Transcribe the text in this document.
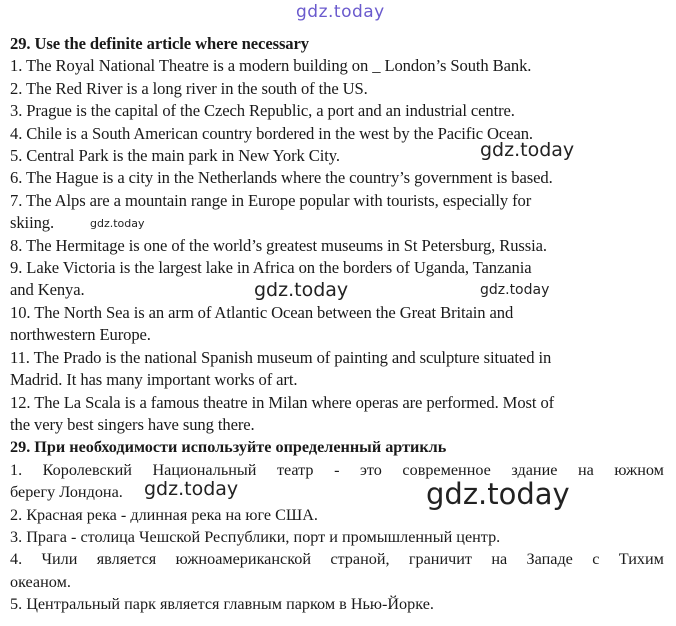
gdz.today
29. Use the definite article where necessary
1. The Royal National Theatre is a modern building on _ London’s South Bank.
2. The Red River is a long river in the south of the US.
3. Prague is the capital of the Czech Republic, a port and an industrial centre.
4. Chile is a South American country bordered in the west by the Pacific Ocean.
5. Central Park is the main park in New York City.
6. The Hague is a city in the Netherlands where the country’s government is based.
7. The Alps are a mountain range in Europe popular with tourists, especially for
skiing.
8. The Hermitage is one of the world’s greatest museums in St Petersburg, Russia.
9. Lake Victoria is the largest lake in Africa on the borders of Uganda, Tanzania
and Kenya.
10. The North Sea is an arm of Atlantic Ocean between the Great Britain and
northwestern Europe.
11. The Prado is the national Spanish museum of painting and sculpture situated in
Madrid. It has many important works of art.
12. The La Scala is a famous theatre in Milan where operas are performed. Most of
the very best singers have sung there.
29. При необходимости используйте определенный артикль
1. Королевский Национальный театр - это современное здание на южном
берегу Лондона.
2. Красная река - длинная река на юге США.
3. Прага - столица Чешской Республики, порт и промышленный центр.
4. Чили является южноамериканской страной, граничит на Западе с Тихим
океаном.
5. Центральный парк является главным парком в Нью-Йорке.
gdz.today
gdz.today
gdz.today	gdz.today
gdz.today	gdz.today
